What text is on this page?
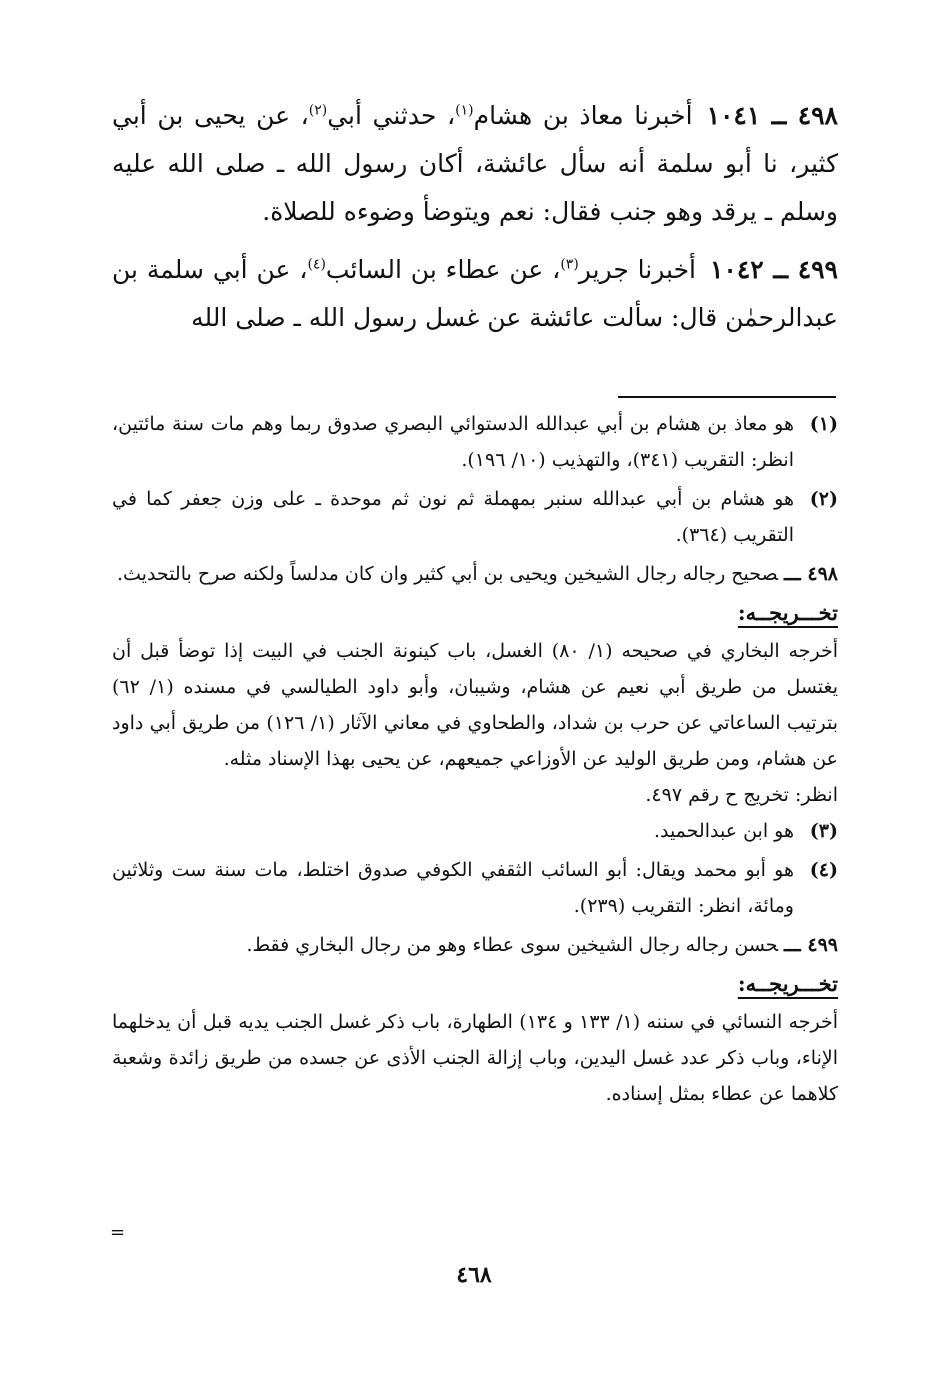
٤٩٨ ــ ١٠٤١أخبرنا معاذ بن هشام$^{(١)}$، حدثني أبي$^{(٢)}$، عن يحيى بن أبي كثير، نا أبو سلمة أنه سأل عائشة، أكان رسول الله ـ صلى الله عليه وسلم ـ يرقد وهو جنب فقال: نعم ويتوضأ وضوءه للصلاة.

٤٩٩ ــ ١٠٤٢أخبرنا جرير$^{(٣)}$، عن عطاء بن السائب$^{(٤)}$، عن أبي سلمة بن عبدالرحمٰن قال: سألت عائشة عن غسل رسول الله ـ صلى الله

(١)
هو معاذ بن هشام بن أبي عبدالله الدستوائي البصري صدوق ربما وهم مات سنة مائتين، انظر: التقريب (٣٤١)، والتهذيب (١٠/ ١٩٦).
(٢)
هو هشام بن أبي عبدالله سنبر بمهملة ثم نون ثم موحدة ـ على وزن جعفر كما في التقريب (٣٦٤).
٤٩٨ ـــصحيح رجاله رجال الشيخين ويحيى بن أبي كثير وان كان مدلساً ولكنه صرح بالتحديث.
تخـــريجــه:

أخرجه البخاري في صحيحه (١/ ٨٠) الغسل، باب كينونة الجنب في البيت إذا توضأ قبل أن يغتسل من طريق أبي نعيم عن هشام، وشيبان، وأبو داود الطيالسي في مسنده (١/ ٦٢) بترتيب الساعاتي عن حرب بن شداد، والطحاوي في معاني الآثار (١/ ١٢٦) من طريق أبي داود عن هشام، ومن طريق الوليد عن الأوزاعي جميعهم، عن يحيى بهذا الإسناد مثله.

انظر: تخريج ح رقم ٤٩٧.

(٣)
هو ابن عبدالحميد.
(٤)
هو أبو محمد ويقال: أبو السائب الثقفي الكوفي صدوق اختلط، مات سنة ست وثلاثين ومائة، انظر: التقريب (٢٣٩).
٤٩٩ ـــحسن رجاله رجال الشيخين سوى عطاء وهو من رجال البخاري فقط.
تخـــريجــه:

أخرجه النسائي في سننه (١/ ١٣٣ و ١٣٤) الطهارة، باب ذكر غسل الجنب يديه قبل أن يدخلهما الإناء، وباب ذكر عدد غسل اليدين، وباب إزالة الجنب الأذى عن جسده من طريق زائدة وشعبة كلاهما عن عطاء بمثل إسناده.

=
٤٦٨
